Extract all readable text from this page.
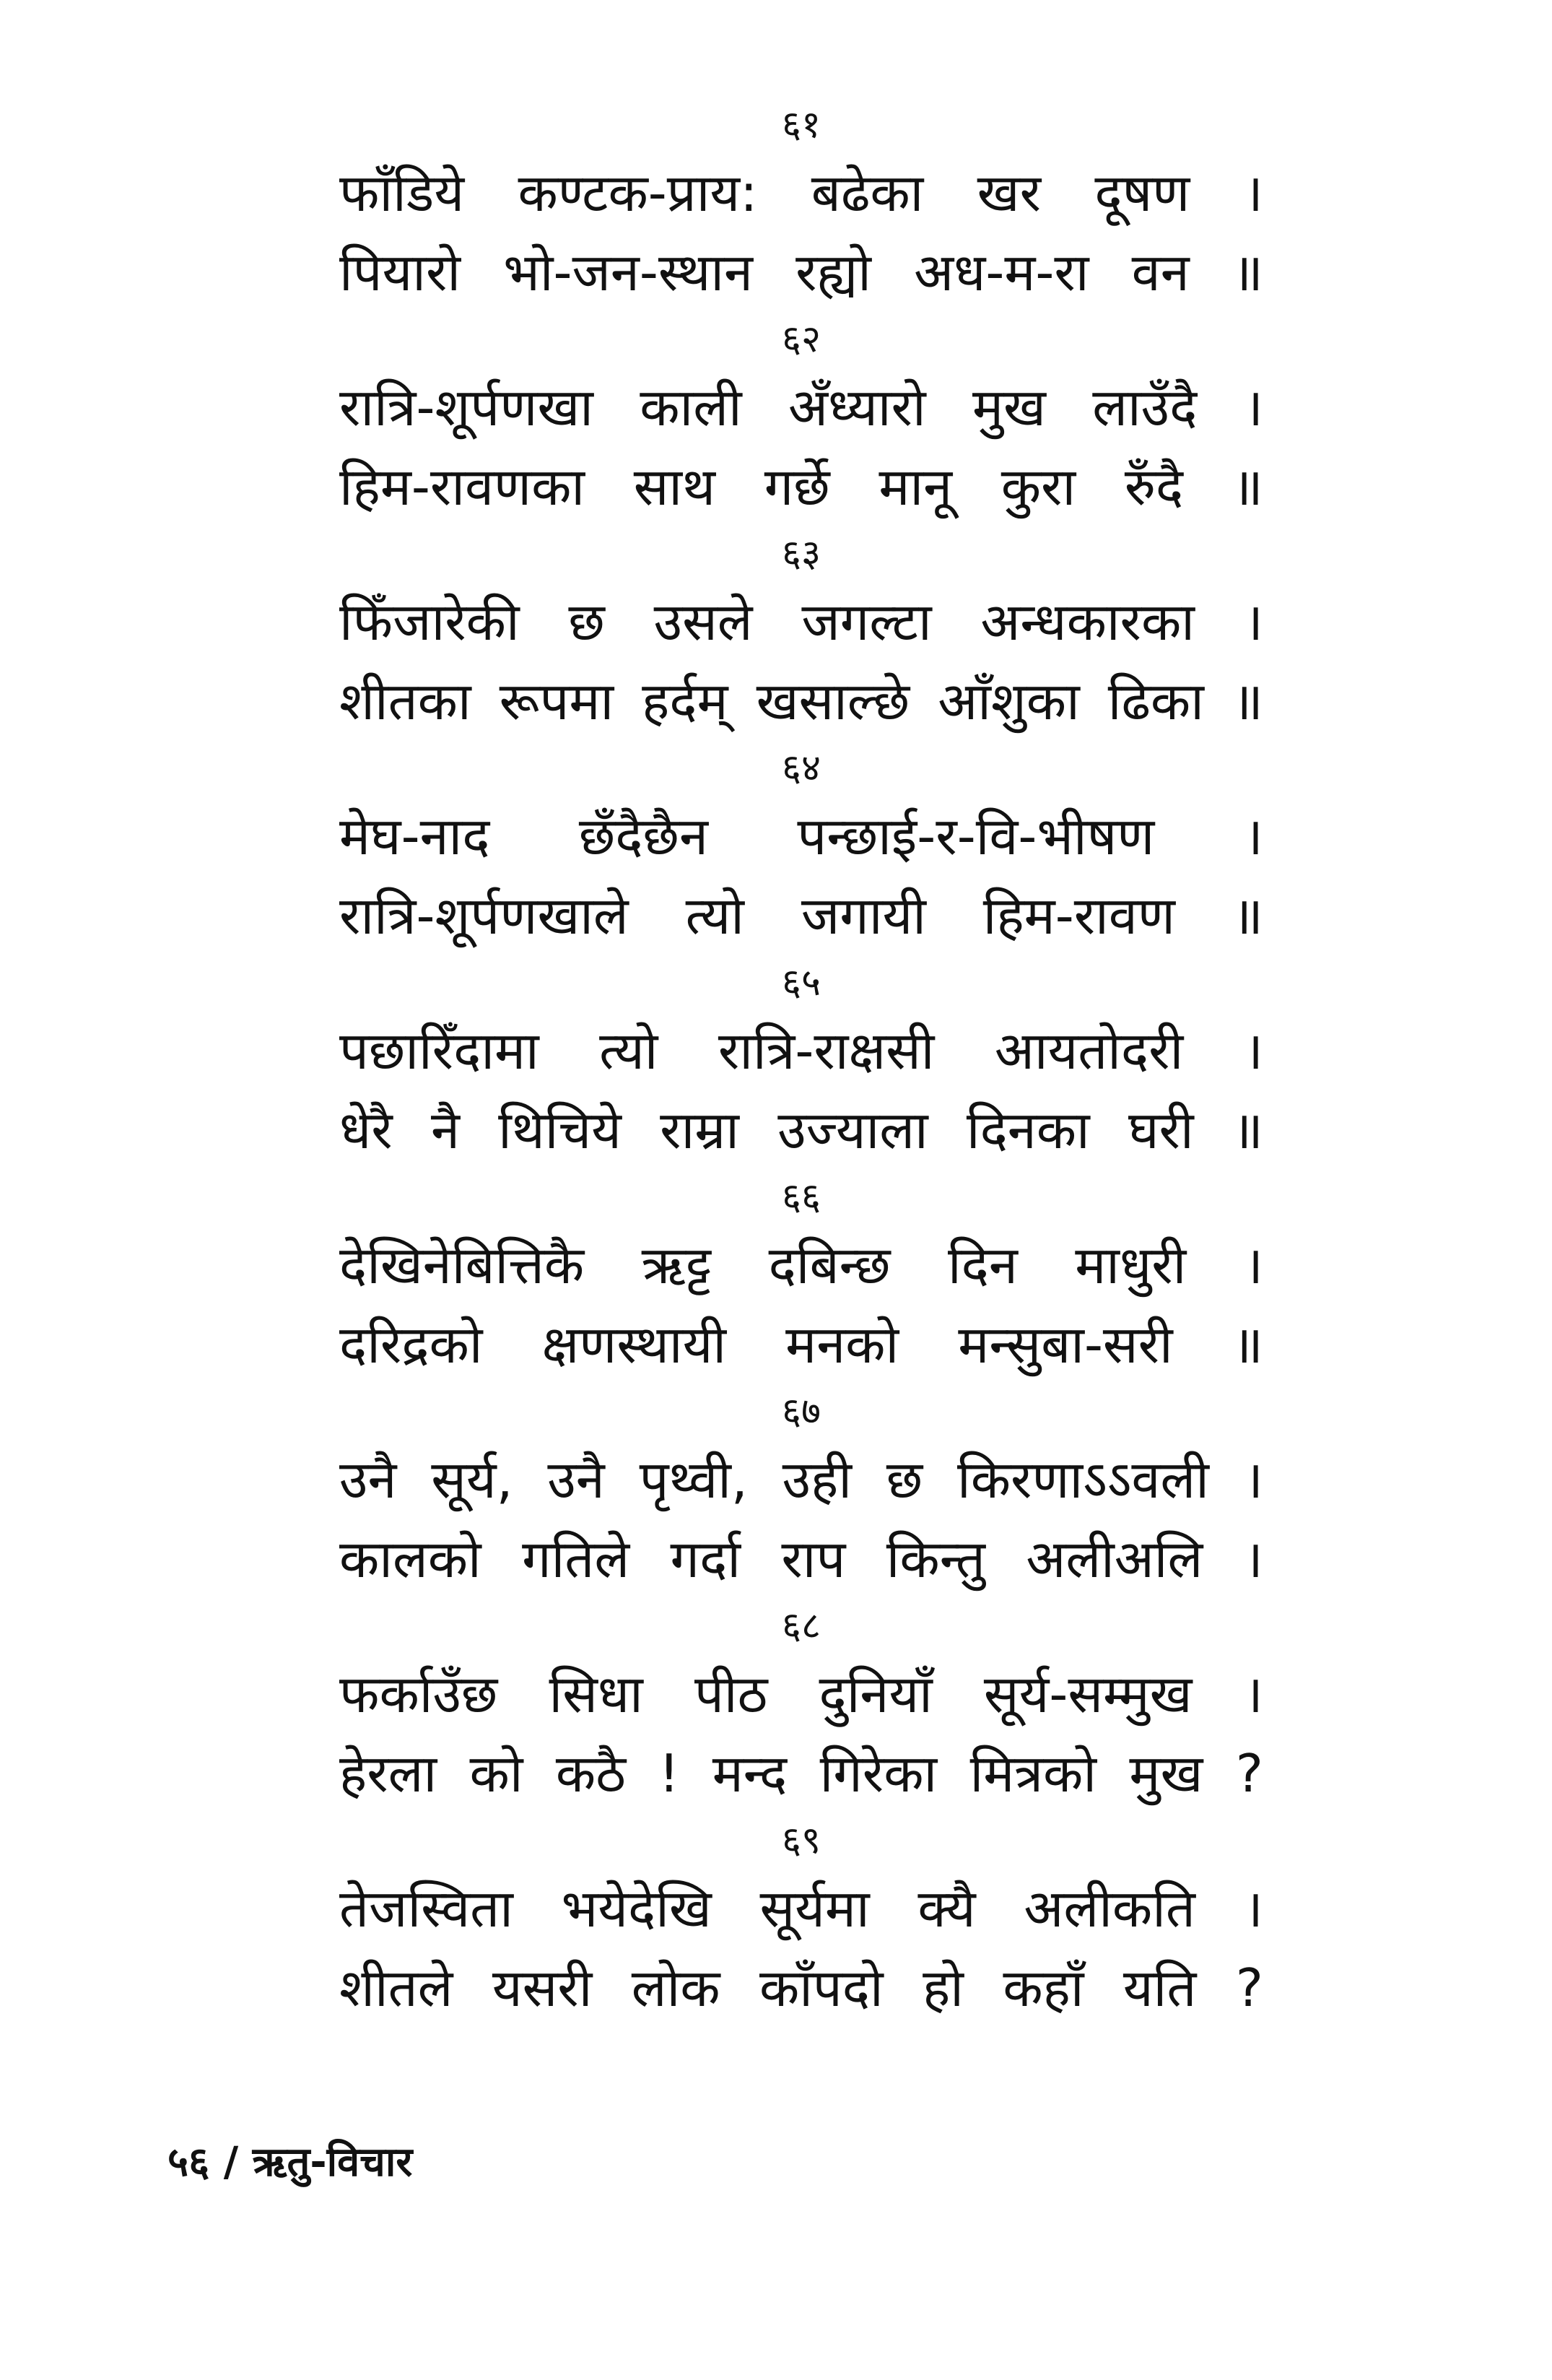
६१
फाँडिये कण्टक-प्राय: बढेका खर दूषण ।
पियारो भो-जन-स्थान रह्यो अध-म-रा वन ॥
६२
रात्रि-शूर्पणखा काली अँध्यारो मुख लाउँदै ।
हिम-रावणका साथ गर्छे मानू कुरा रुँदै ॥
६३
फिँजारेकी छ उसले जगल्टा अन्धकारका ।
शीतका रूपमा हर्दम् खसाल्छे आँशुका ढिका ॥
६४
मेघ-नाद छँदैछैन पन्छाई-र-वि-भीषण ।
रात्रि-शूर्पणखाले त्यो जगायी हिम-रावण ॥
६५
पछारिँदामा त्यो रात्रि-राक्षसी आयतोदरी ।
धेरै नै थिचिये राम्रा उज्याला दिनका घरी ॥
६६
देखिनेबित्तिकै ऋट्ट दबिन्छ दिन माधुरी ।
दरिद्रको क्षणस्थायी मनको मन्सुबा-सरी ॥
६७
उनै सूर्य, उनै पृथ्वी, उही छ किरणाऽऽवली ।
कालको गतिले गर्दा राप किन्तु अलीअलि ।
६८
फर्काउँछ सिधा पीठ दुनियाँ सूर्य-सम्मुख ।
हेरला को कठै ! मन्द गिरेका मित्रको मुख ?
६९
तेजस्विता भयेदेखि सूर्यमा क्यै अलीकति ।
शीतले यसरी लोक काँपदो हो कहाँ यति ?
५६ / ऋतु-विचार
